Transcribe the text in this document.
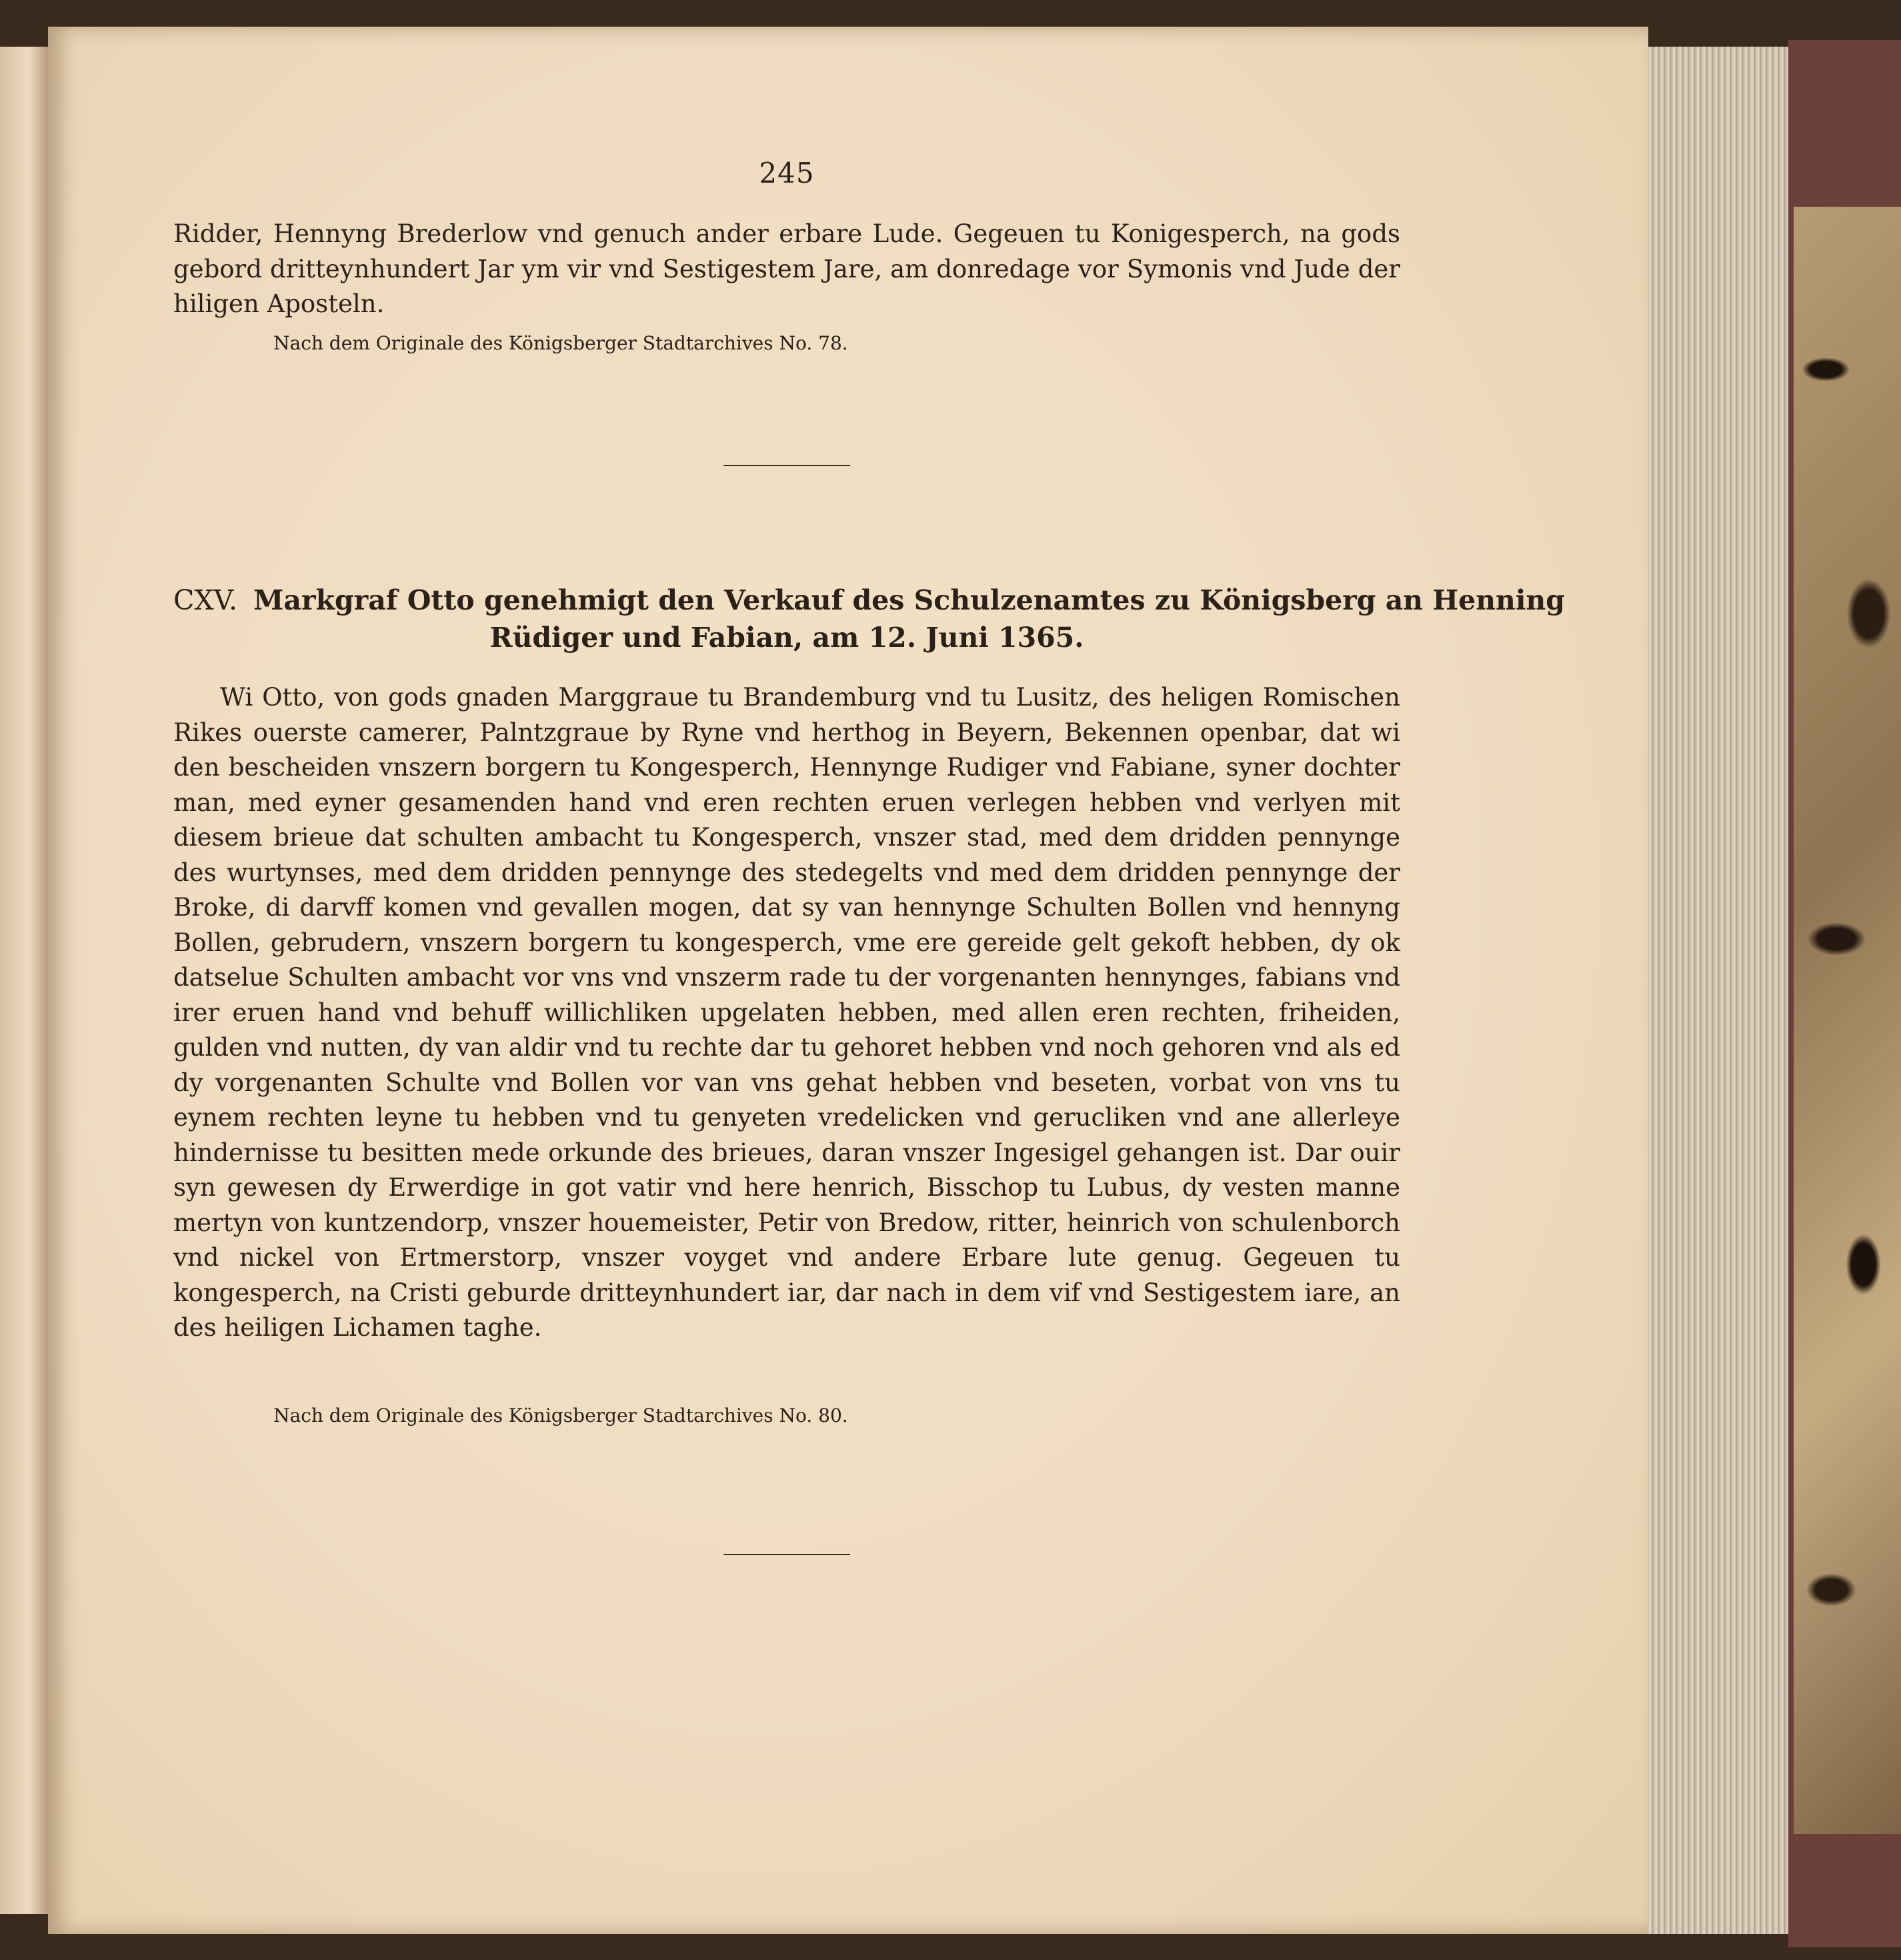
245

Ridder, Hennyng Brederlow vnd genuch ander erbare Lude. Gegeuen tu Konigesperch, na gods gebord dritteynhundert Jar ym vir vnd Sestigestem Jare, am donredage vor Symonis vnd Jude der hiligen Aposteln.

Nach dem Originale des Königsberger Stadtarchives No. 78.
CXV. Markgraf Otto genehmigt den Verkauf des Schulzenamtes zu Königsberg an Henning
Rüdiger und Fabian, am 12. Juni 1365.

Wi Otto, von gods gnaden Marggraue tu Brandemburg vnd tu Lusitz, des heligen Romischen Rikes ouerste camerer, Palntzgraue by Ryne vnd herthog in Beyern, Bekennen openbar, dat wi den bescheiden vnszern borgern tu Kongesperch, Hennynge Rudiger vnd Fabiane, syner dochter man, med eyner gesamenden hand vnd eren rechten eruen verlegen hebben vnd verlyen mit diesem brieue dat schulten ambacht tu Kongesperch, vnszer stad, med dem dridden pennynge des wurtynses, med dem dridden pennynge des stedegelts vnd med dem dridden pennynge der Broke, di darvff komen vnd gevallen mogen, dat sy van hennynge Schulten Bollen vnd hennyng Bollen, gebrudern, vnszern borgern tu kongesperch, vme ere gereide gelt gekoft hebben, dy ok datselue Schulten ambacht vor vns vnd vnszerm rade tu der vorgenanten hennynges, fabians vnd irer eruen hand vnd behuff willichliken upgelaten hebben, med allen eren rechten, friheiden, gulden vnd nutten, dy van aldir vnd tu rechte dar tu gehoret hebben vnd noch gehoren vnd als ed dy vorgenanten Schulte vnd Bollen vor van vns gehat hebben vnd beseten, vorbat von vns tu eynem rechten leyne tu hebben vnd tu genyeten vredelicken vnd gerucliken vnd ane allerleye hindernisse tu besitten mede orkunde des brieues, daran vnszer Ingesigel gehangen ist. Dar ouir syn gewesen dy Erwerdige in got vatir vnd here henrich, Bisschop tu Lubus, dy vesten manne mertyn von kuntzendorp, vnszer houemeister, Petir von Bredow, ritter, heinrich von schulenborch vnd nickel von Ertmerstorp, vnszer voyget vnd andere Erbare lute genug. Gegeuen tu kongesperch, na Cristi geburde dritteynhundert iar, dar nach in dem vif vnd Sestigestem iare, an des heiligen Lichamen taghe.

Nach dem Originale des Königsberger Stadtarchives No. 80.
